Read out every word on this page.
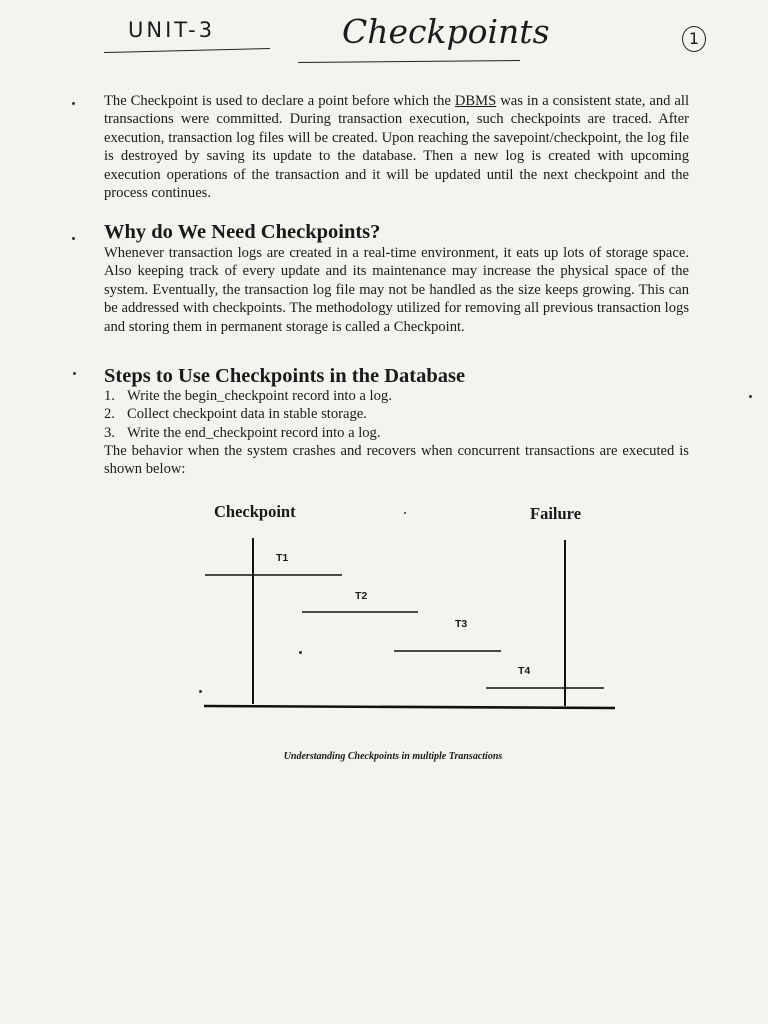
UNIT-3	Checkpoints	1

The Checkpoint is used to declare a point before which the DBMS was in a consistent state, and all transactions were committed. During transaction execution, such checkpoints are traced. After execution, transaction log files will be created. Upon reaching the savepoint/checkpoint, the log file is destroyed by saving its update to the database. Then a new log is created with upcoming execution operations of the transaction and it will be updated until the next checkpoint and the process continues.

Why do We Need Checkpoints?

Whenever transaction logs are created in a real-time environment, it eats up lots of storage space. Also keeping track of every update and its maintenance may increase the physical space of the system. Eventually, the transaction log file may not be handled as the size keeps growing. This can be addressed with checkpoints. The methodology utilized for removing all previous transaction logs and storing them in permanent storage is called a Checkpoint.

Steps to Use Checkpoints in the Database
1. Write the begin_checkpoint record into a log.
2. Collect checkpoint data in stable storage.
3. Write the end_checkpoint record into a log.

The behavior when the system crashes and recovers when concurrent transactions are executed is shown below:

Checkpoint	Failure
T1
T2
T3
T4
Understanding Checkpoints in multiple Transactions
